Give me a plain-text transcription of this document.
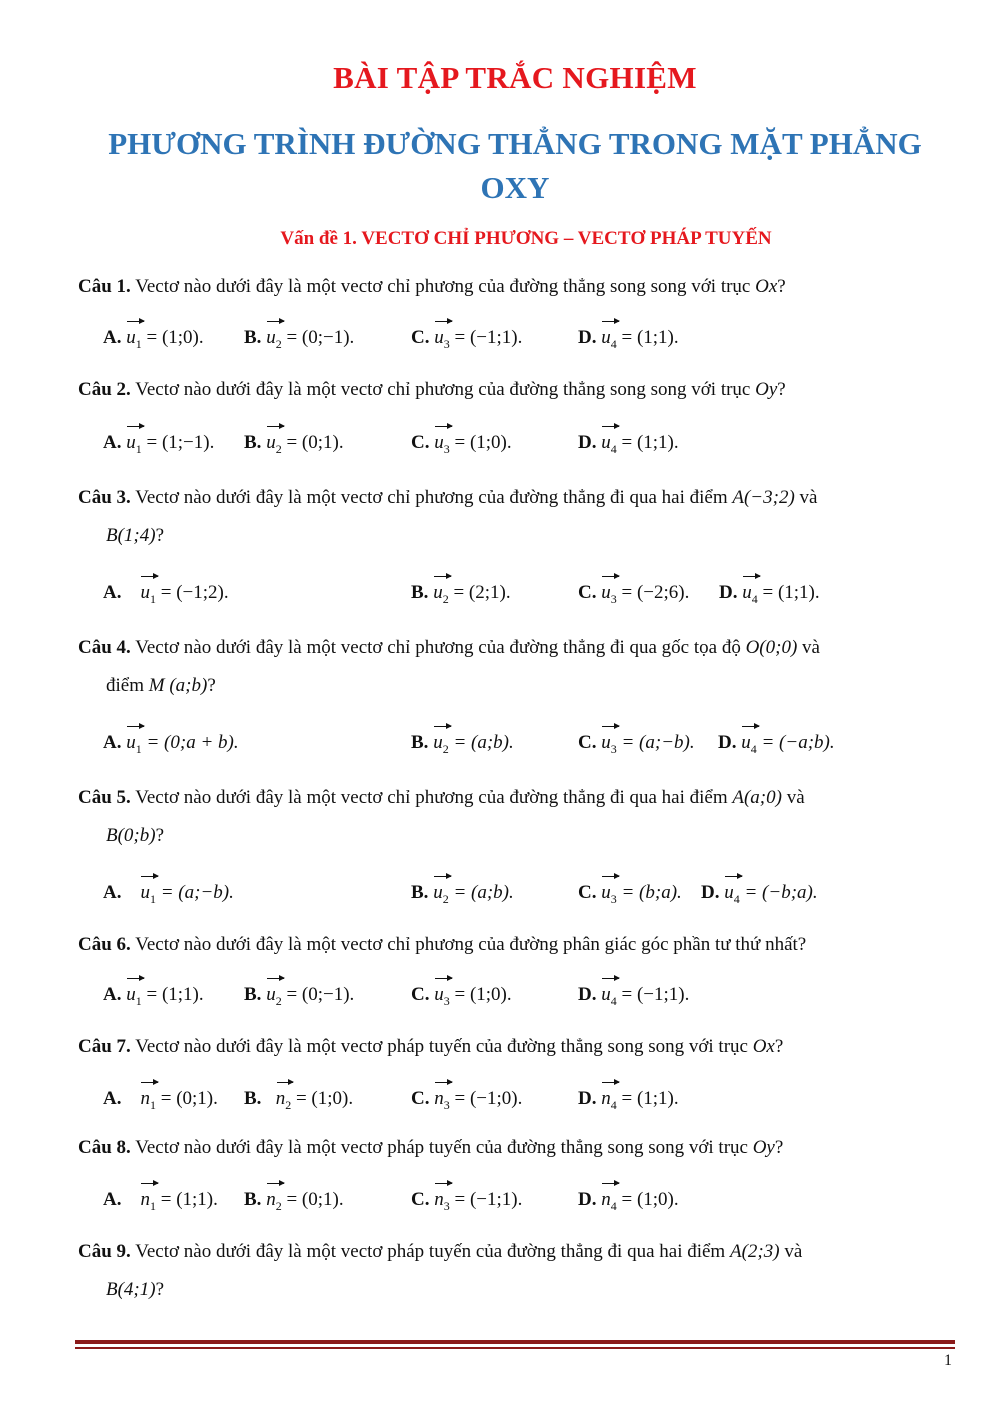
BÀI TẬP TRẮC NGHIỆM
PHƯƠNG TRÌNH ĐƯỜNG THẲNG TRONG MẶT PHẲNG OXY
Vấn đề 1. VECTƠ CHỈ PHƯƠNG – VECTƠ PHÁP TUYẾN
Câu 1. Vectơ nào dưới đây là một vectơ chỉ phương của đường thẳng song song với trục Ox?
A. $u_1$ = (1;0). B. $u_2$ = (0;−1).	C. $u_3$ = (−1;1).	D. $u_4$ = (1;1).
Câu 2. Vectơ nào dưới đây là một vectơ chỉ phương của đường thẳng song song với trục Oy?
A. $u_1$ = (1;−1). B. $u_2$ = (0;1).	C. $u_3$ = (1;0).	D. $u_4$ = (1;1).
Câu 3. Vectơ nào dưới đây là một vectơ chỉ phương của đường thẳng đi qua hai điểm A(−3;2) và
B(1;4)?
A. $u_1$ = (−1;2).	B. $u_2$ = (2;1).	C. $u_3$ = (−2;6). D. $u_4$ = (1;1).
Câu 4. Vectơ nào dưới đây là một vectơ chỉ phương của đường thẳng đi qua gốc tọa độ O(0;0) và
điểm M (a;b)?
A. $u_1$ = (0;a + b).	B. $u_2$ = (a;b).	C. $u_3$ = (a;−b). D. $u_4$ = (−a;b).
Câu 5. Vectơ nào dưới đây là một vectơ chỉ phương của đường thẳng đi qua hai điểm A(a;0) và
B(0;b)?
A. $u_1$ = (a;−b).	B. $u_2$ = (a;b).	C. $u_3$ = (b;a). D. $u_4$ = (−b;a).
Câu 6. Vectơ nào dưới đây là một vectơ chỉ phương của đường phân giác góc phần tư thứ nhất?
A. $u_1$ = (1;1). B. $u_2$ = (0;−1).	C. $u_3$ = (1;0).	D. $u_4$ = (−1;1).
Câu 7. Vectơ nào dưới đây là một vectơ pháp tuyến của đường thẳng song song với trục Ox?
A. $n_1$ = (0;1). B. $n_2$ = (1;0).	C. $n_3$ = (−1;0).	D. $n_4$ = (1;1).
Câu 8. Vectơ nào dưới đây là một vectơ pháp tuyến của đường thẳng song song với trục Oy?
A. $n_1$ = (1;1). B. $n_2$ = (0;1).	C. $n_3$ = (−1;1).	D. $n_4$ = (1;0).
Câu 9. Vectơ nào dưới đây là một vectơ pháp tuyến của đường thẳng đi qua hai điểm A(2;3) và
B(4;1)?
1
